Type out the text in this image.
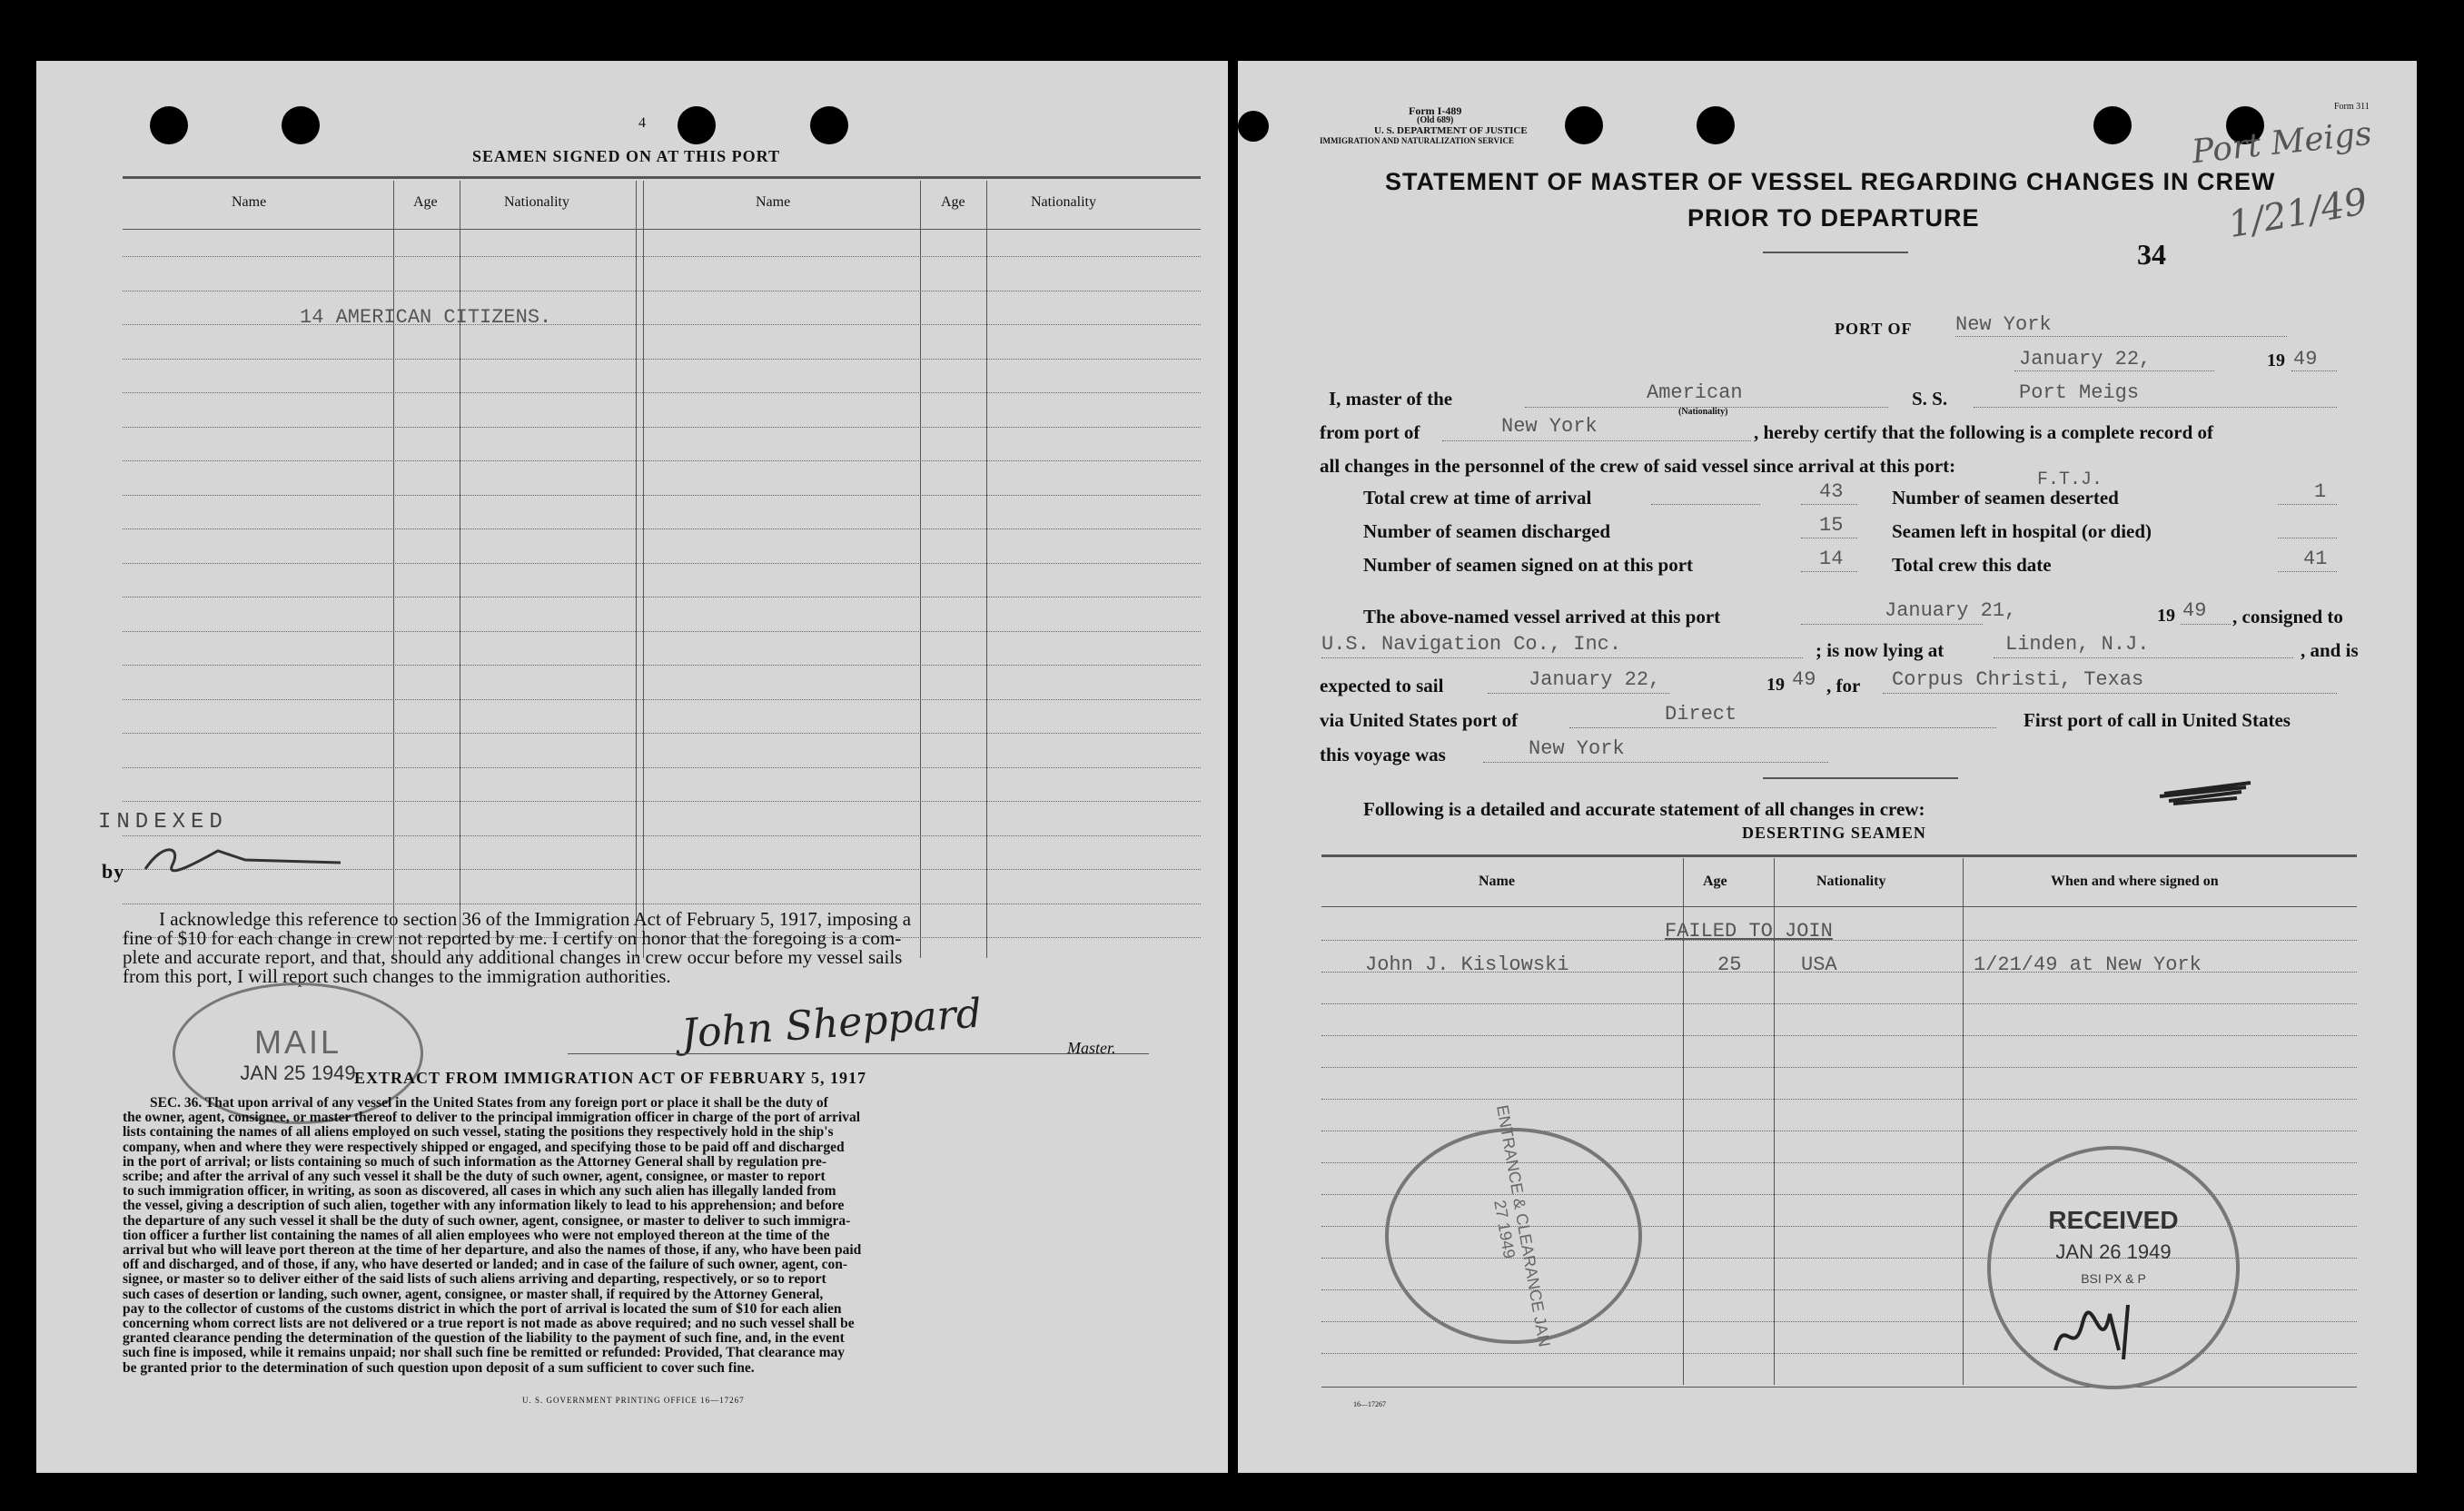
4
SEAMEN SIGNED ON AT THIS PORT
Name	Age	Nationality	Name	Age	Nationality
14 AMERICAN CITIZENS.
INDEXED
by
I acknowledge this reference to section 36 of the Immigration Act of February 5, 1917, imposing a
fine of $10 for each change in crew not reported by me. I certify on honor that the foregoing is a com-
plete and accurate report, and that, should any additional changes in crew occur before my vessel sails
from this port, I will report such changes to the immigration authorities.
MAIL
JAN 25 1949
John Sheppard	Master.
EXTRACT FROM IMMIGRATION ACT OF FEBRUARY 5, 1917
SEC. 36. That upon arrival of any vessel in the United States from any foreign port or place it shall be the duty of
the owner, agent, consignee, or master thereof to deliver to the principal immigration officer in charge of the port of arrival
lists containing the names of all aliens employed on such vessel, stating the positions they respectively hold in the ship's
company, when and where they were respectively shipped or engaged, and specifying those to be paid off and discharged
in the port of arrival; or lists containing so much of such information as the Attorney General shall by regulation pre-
scribe; and after the arrival of any such vessel it shall be the duty of such owner, agent, consignee, or master to report
to such immigration officer, in writing, as soon as discovered, all cases in which any such alien has illegally landed from
the vessel, giving a description of such alien, together with any information likely to lead to his apprehension; and before
the departure of any such vessel it shall be the duty of such owner, agent, consignee, or master to deliver to such immigra-
tion officer a further list containing the names of all alien employees who were not employed thereon at the time of the
arrival but who will leave port thereon at the time of her departure, and also the names of those, if any, who have been paid
off and discharged, and of those, if any, who have deserted or landed; and in case of the failure of such owner, agent, con-
signee, or master so to deliver either of the said lists of such aliens arriving and departing, respectively, or so to report
such cases of desertion or landing, such owner, agent, consignee, or master shall, if required by the Attorney General,
pay to the collector of customs of the customs district in which the port of arrival is located the sum of $10 for each alien
concerning whom correct lists are not delivered or a true report is not made as above required; and no such vessel shall be
granted clearance pending the determination of the question of the liability to the payment of such fine, and, in the event
such fine is imposed, while it remains unpaid; nor shall such fine be remitted or refunded: Provided, That clearance may
be granted prior to the determination of such question upon deposit of a sum sufficient to cover such fine.
U. S. GOVERNMENT PRINTING OFFICE 16—17267
Form I-489
(Old 689)
U. S. DEPARTMENT OF JUSTICE
IMMIGRATION AND NATURALIZATION SERVICE
Form 311
Port Meigs
1/21/49
STATEMENT OF MASTER OF VESSEL REGARDING CHANGES IN CREW
PRIOR TO DEPARTURE
34
PORT OF New York
January 22,	19 49
I, master of the	American
(Nationality)
S. S.	Port Meigs
from port of	New York	, hereby certify that the following is a complete record of
all changes in the personnel of the crew of said vessel since arrival at this port:
Total crew at time of arrival	43
Number of seamen discharged	15
Number of seamen signed on at this port	14
F.T.J.
Number of seamen deserted	1
Seamen left in hospital (or died)
Total crew this date	41
The above-named vessel arrived at this port	January 21,	19 49 , consigned to
U.S. Navigation Co., Inc.	; is now lying at	Linden, N.J.	, and is
expected to sail	January 22,	19 49 , for Corpus Christi, Texas
via United States port of	Direct	First port of call in United States
this voyage was	New York
Following is a detailed and accurate statement of all changes in crew:
DESERTING SEAMEN
Name	Age	Nationality	When and where signed on
FAILED TO JOIN
John J. Kislowski	25	USA	1/21/49 at New York
ENTRANCE & CLEARANCE JAN 27 1949	RECEIVED
JAN 26 1949
BSI PX & P
16—17267
